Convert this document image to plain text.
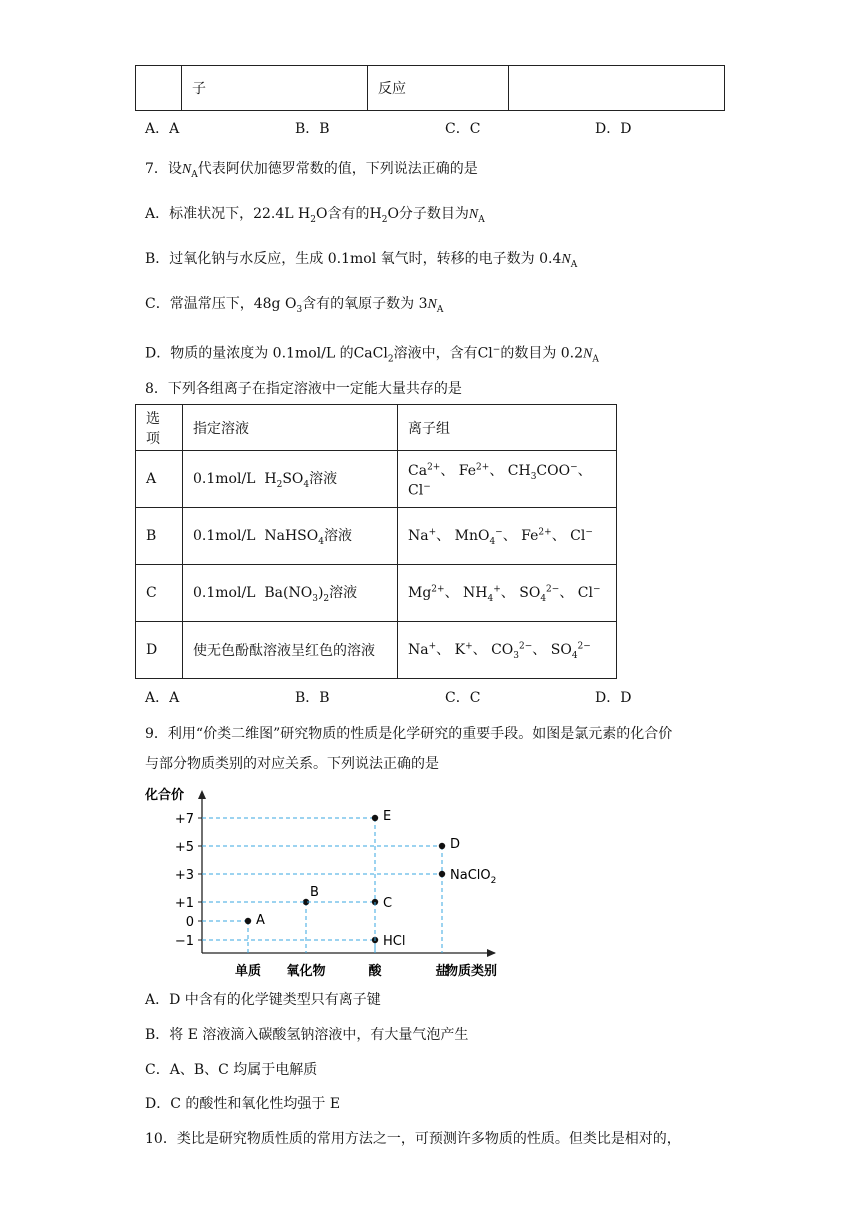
	子	反应	
A．A	B．B	C．C	D．D
7．设$N_A$代表阿伏加德罗常数的值，下列说法正确的是
A．标准状况下，22.4L $H_2O$含有的$H_2O$分子数目为$N_A$
B．过氧化钠与水反应，生成 0.1mol 氧气时，转移的电子数为 $0.4N_A$
C．常温常压下，48g $O_3$含有的氧原子数为 $3N_A$
D．物质的量浓度为 0.1mol/L 的CaCl$_2$溶液中，含有Cl−的数目为 $0.2N_A$
8．下列各组离子在指定溶液中一定能大量共存的是
选项	指定溶液	离子组
A	0.1mol/L  $H_2SO_4$溶液	$Ca^{2+}$、 $Fe^{2+}$、 $CH_3COO^-$、 Cl−
B	0.1mol/L  NaHSO$_4$溶液	Na+、 MnO$_4$−、 $Fe^{2+}$、 Cl−
C	0.1mol/L  $Ba(NO_3)_2$溶液	$Mg^{2+}$、 $NH_4^+$、 $SO_4^{2-}$、 Cl−
D	使无色酚酞溶液呈红色的溶液	Na+、 K+、 $CO_3^{2-}$、 $SO_4^{2-}$
A．A	B．B	C．C	D．D
9．利用“价类二维图”研究物质的性质是化学研究的重要手段。如图是氯元素的化合价
与部分物质类别的对应关系。下列说法正确的是
化合价
物质类别
+7
+5
+3
+1
0
−1
单质 氧化物	酸	盐
A
B
C
HCl
E
D
NaClO$_2$
A．D 中含有的化学键类型只有离子键
B．将 E 溶液滴入碳酸氢钠溶液中，有大量气泡产生
C．A、B、C 均属于电解质
D．C 的酸性和氧化性均强于 E
10．类比是研究物质性质的常用方法之一，可预测许多物质的性质。但类比是相对的，
